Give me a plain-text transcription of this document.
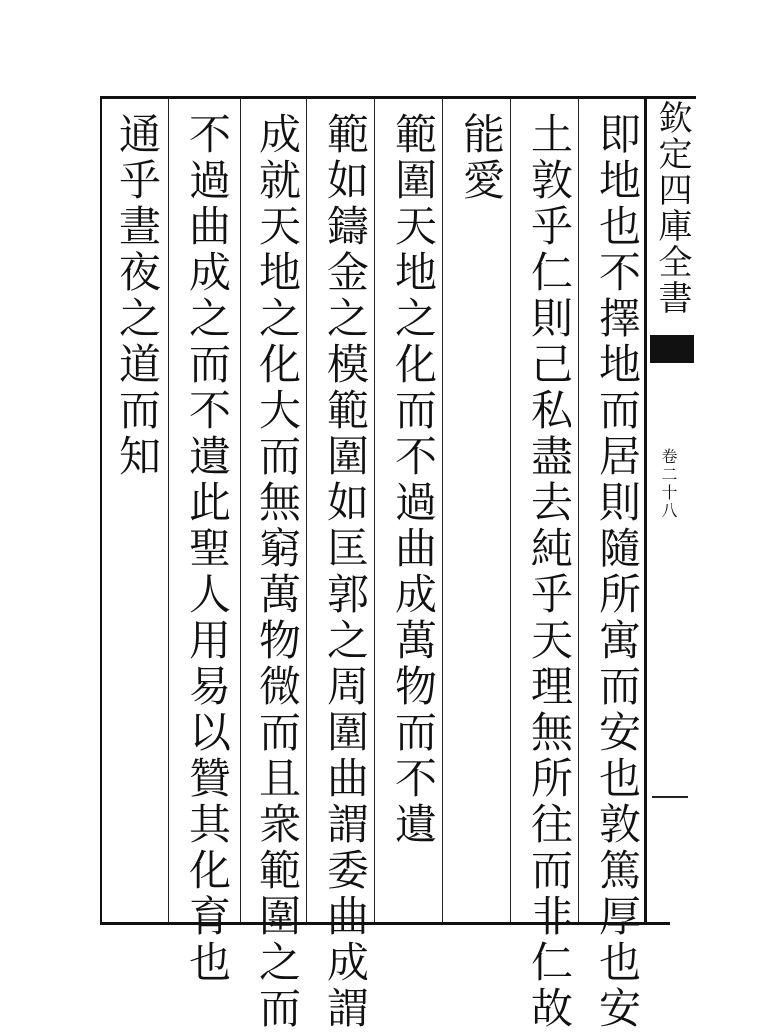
欽定四庫全書
卷二十八
即地也不擇地而居則隨所寓而安也敦篤厚也安
土敦乎仁則己私盡去純乎天理無所往而非仁故
能愛
範圍天地之化而不過曲成萬物而不遺
範如鑄金之模範圍如匡郭之周圍曲謂委曲成謂
成就天地之化大而無窮萬物微而且衆範圍之而
不過曲成之而不遺此聖人用易以贊其化育也
通乎晝夜之道而知
